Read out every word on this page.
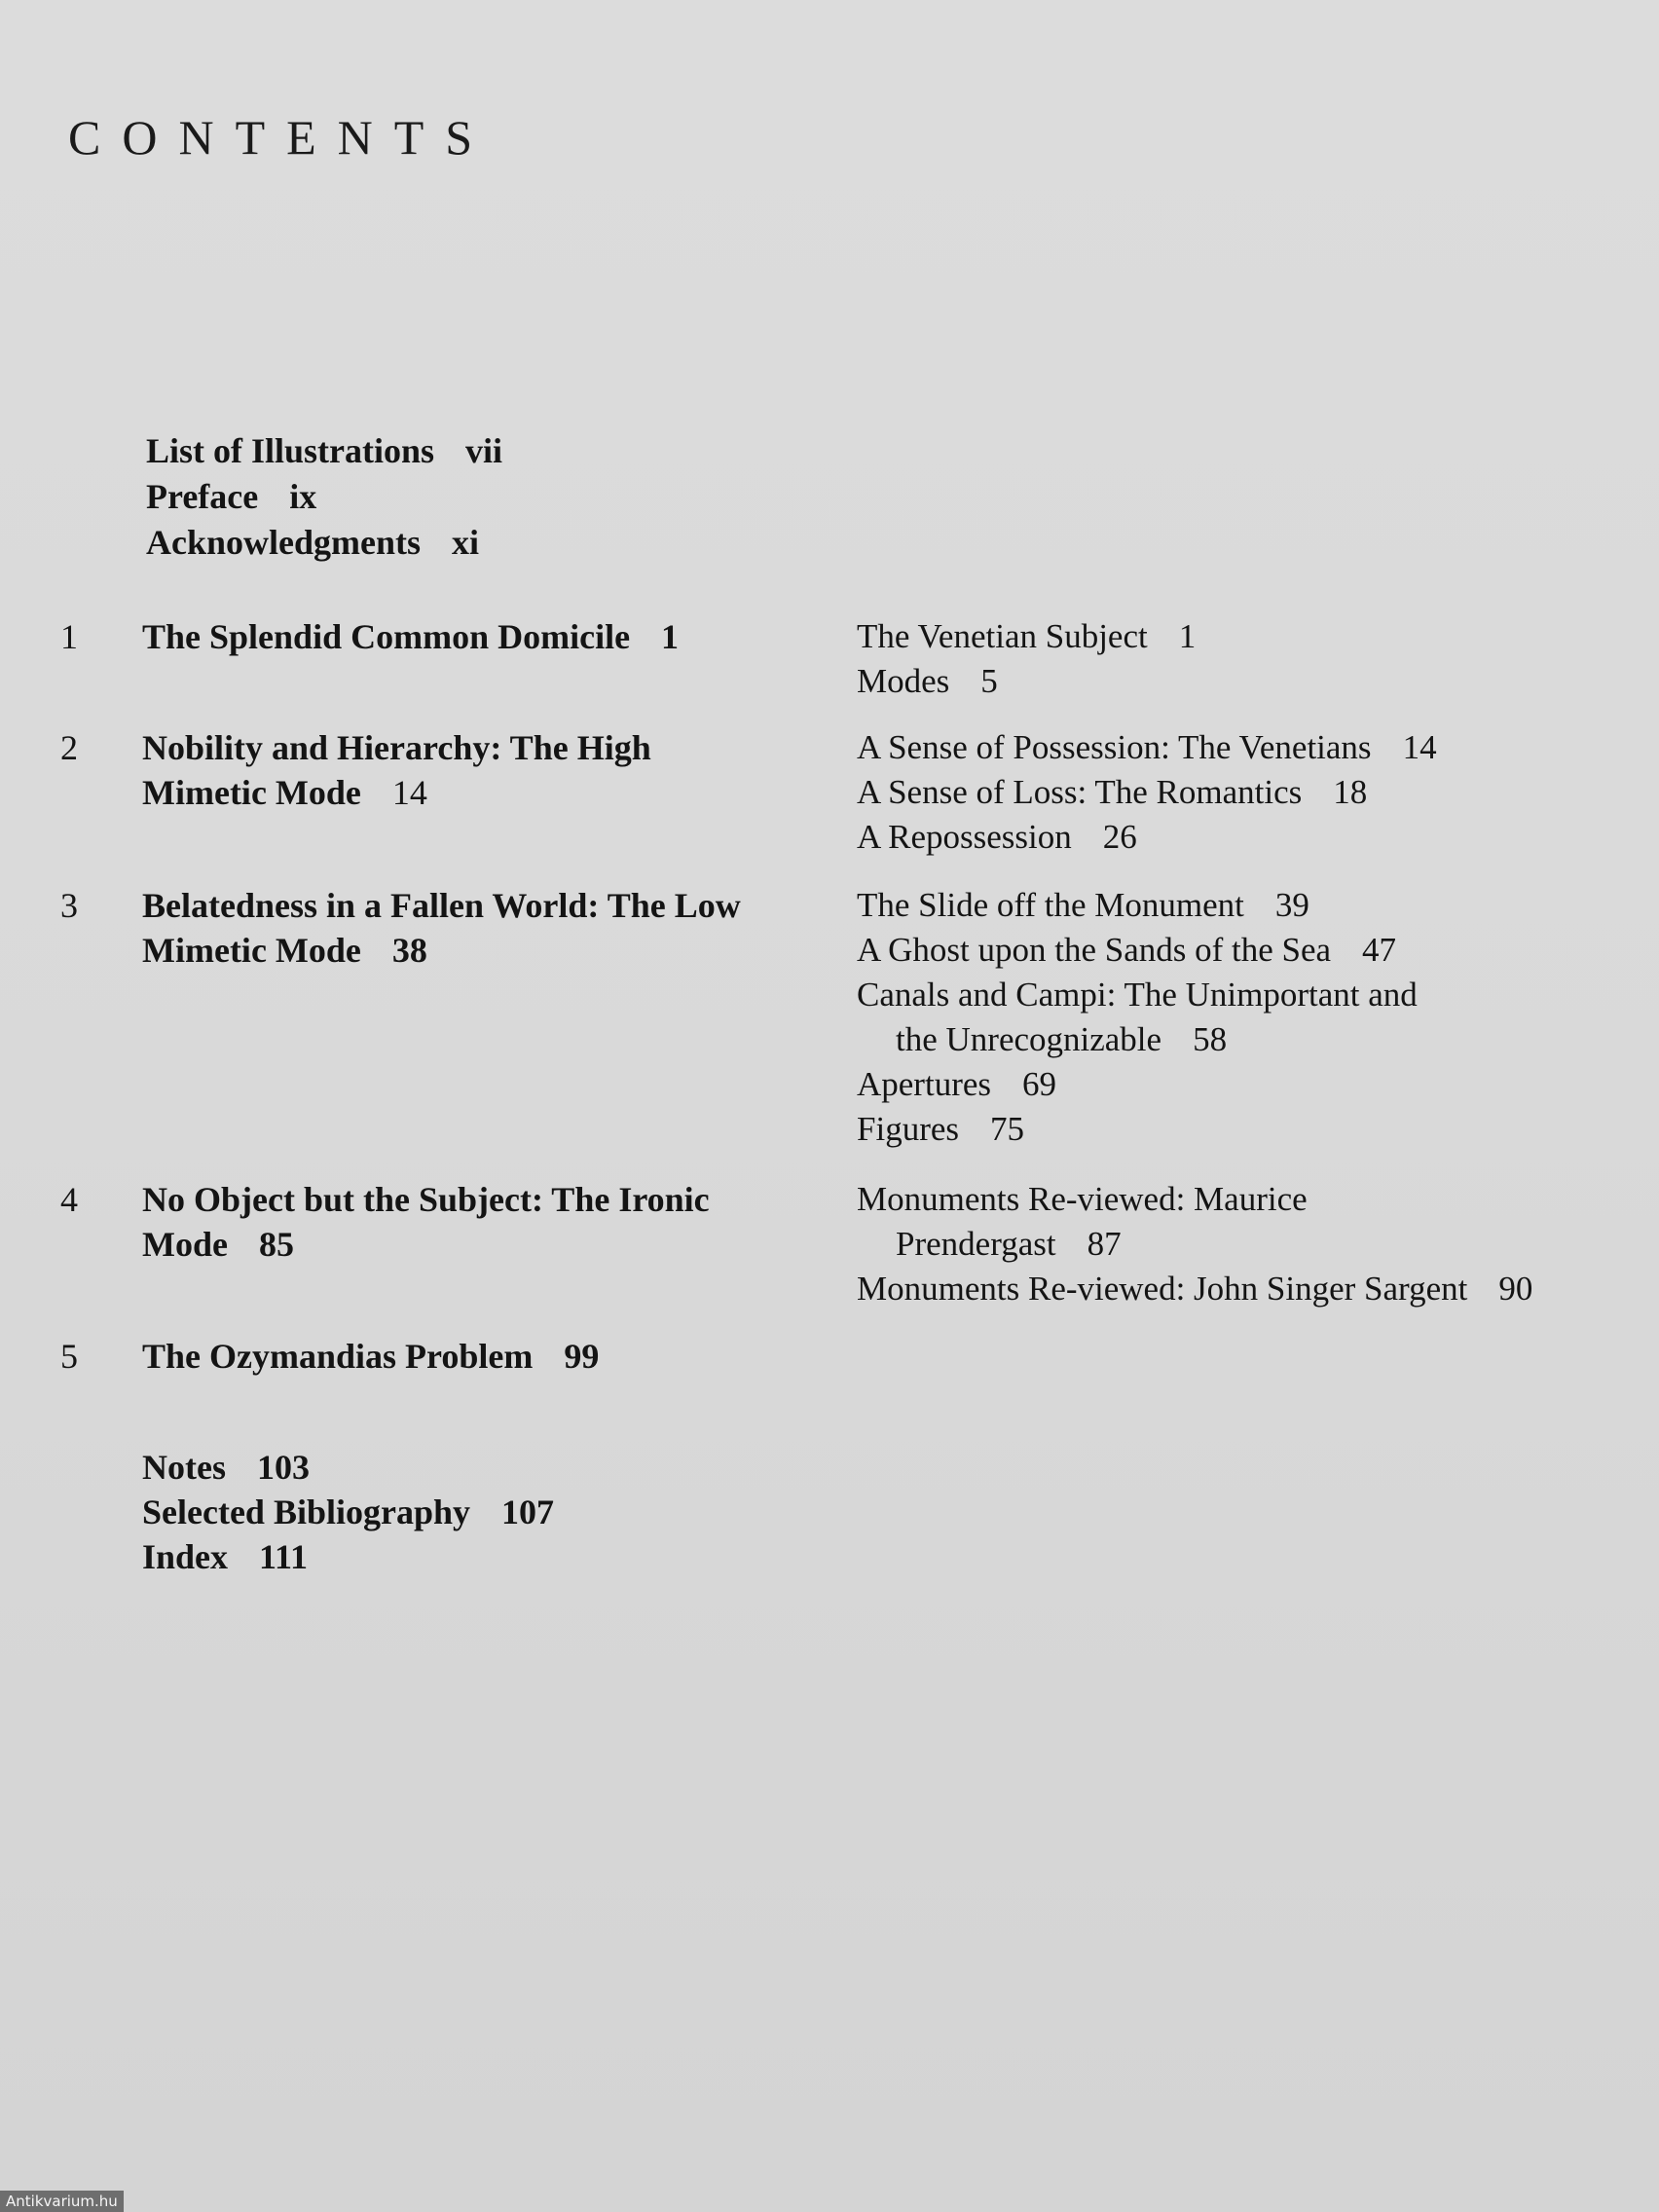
CONTENTS
List of Illustrations vii
Preface ix
Acknowledgments xi
1 The Splendid Common Domicile 1	The Venetian Subject 1
Modes 5
2 Nobility and Hierarchy: The High
Mimetic Mode 14
A Sense of Possession: The Venetians 14
A Sense of Loss: The Romantics 18
A Repossession 26
3 Belatedness in a Fallen World: The Low
Mimetic Mode 38
The Slide off the Monument 39
A Ghost upon the Sands of the Sea 47
Canals and Campi: The Unimportant and
the Unrecognizable 58
Apertures 69
Figures 75
4 No Object but the Subject: The Ironic
Mode 85
Monuments Re-viewed: Maurice
Prendergast 87
Monuments Re-viewed: John Singer Sargent 90
5 The Ozymandias Problem 99
Notes 103
Selected Bibliography 107
Index 111
Antikvarium.hu
